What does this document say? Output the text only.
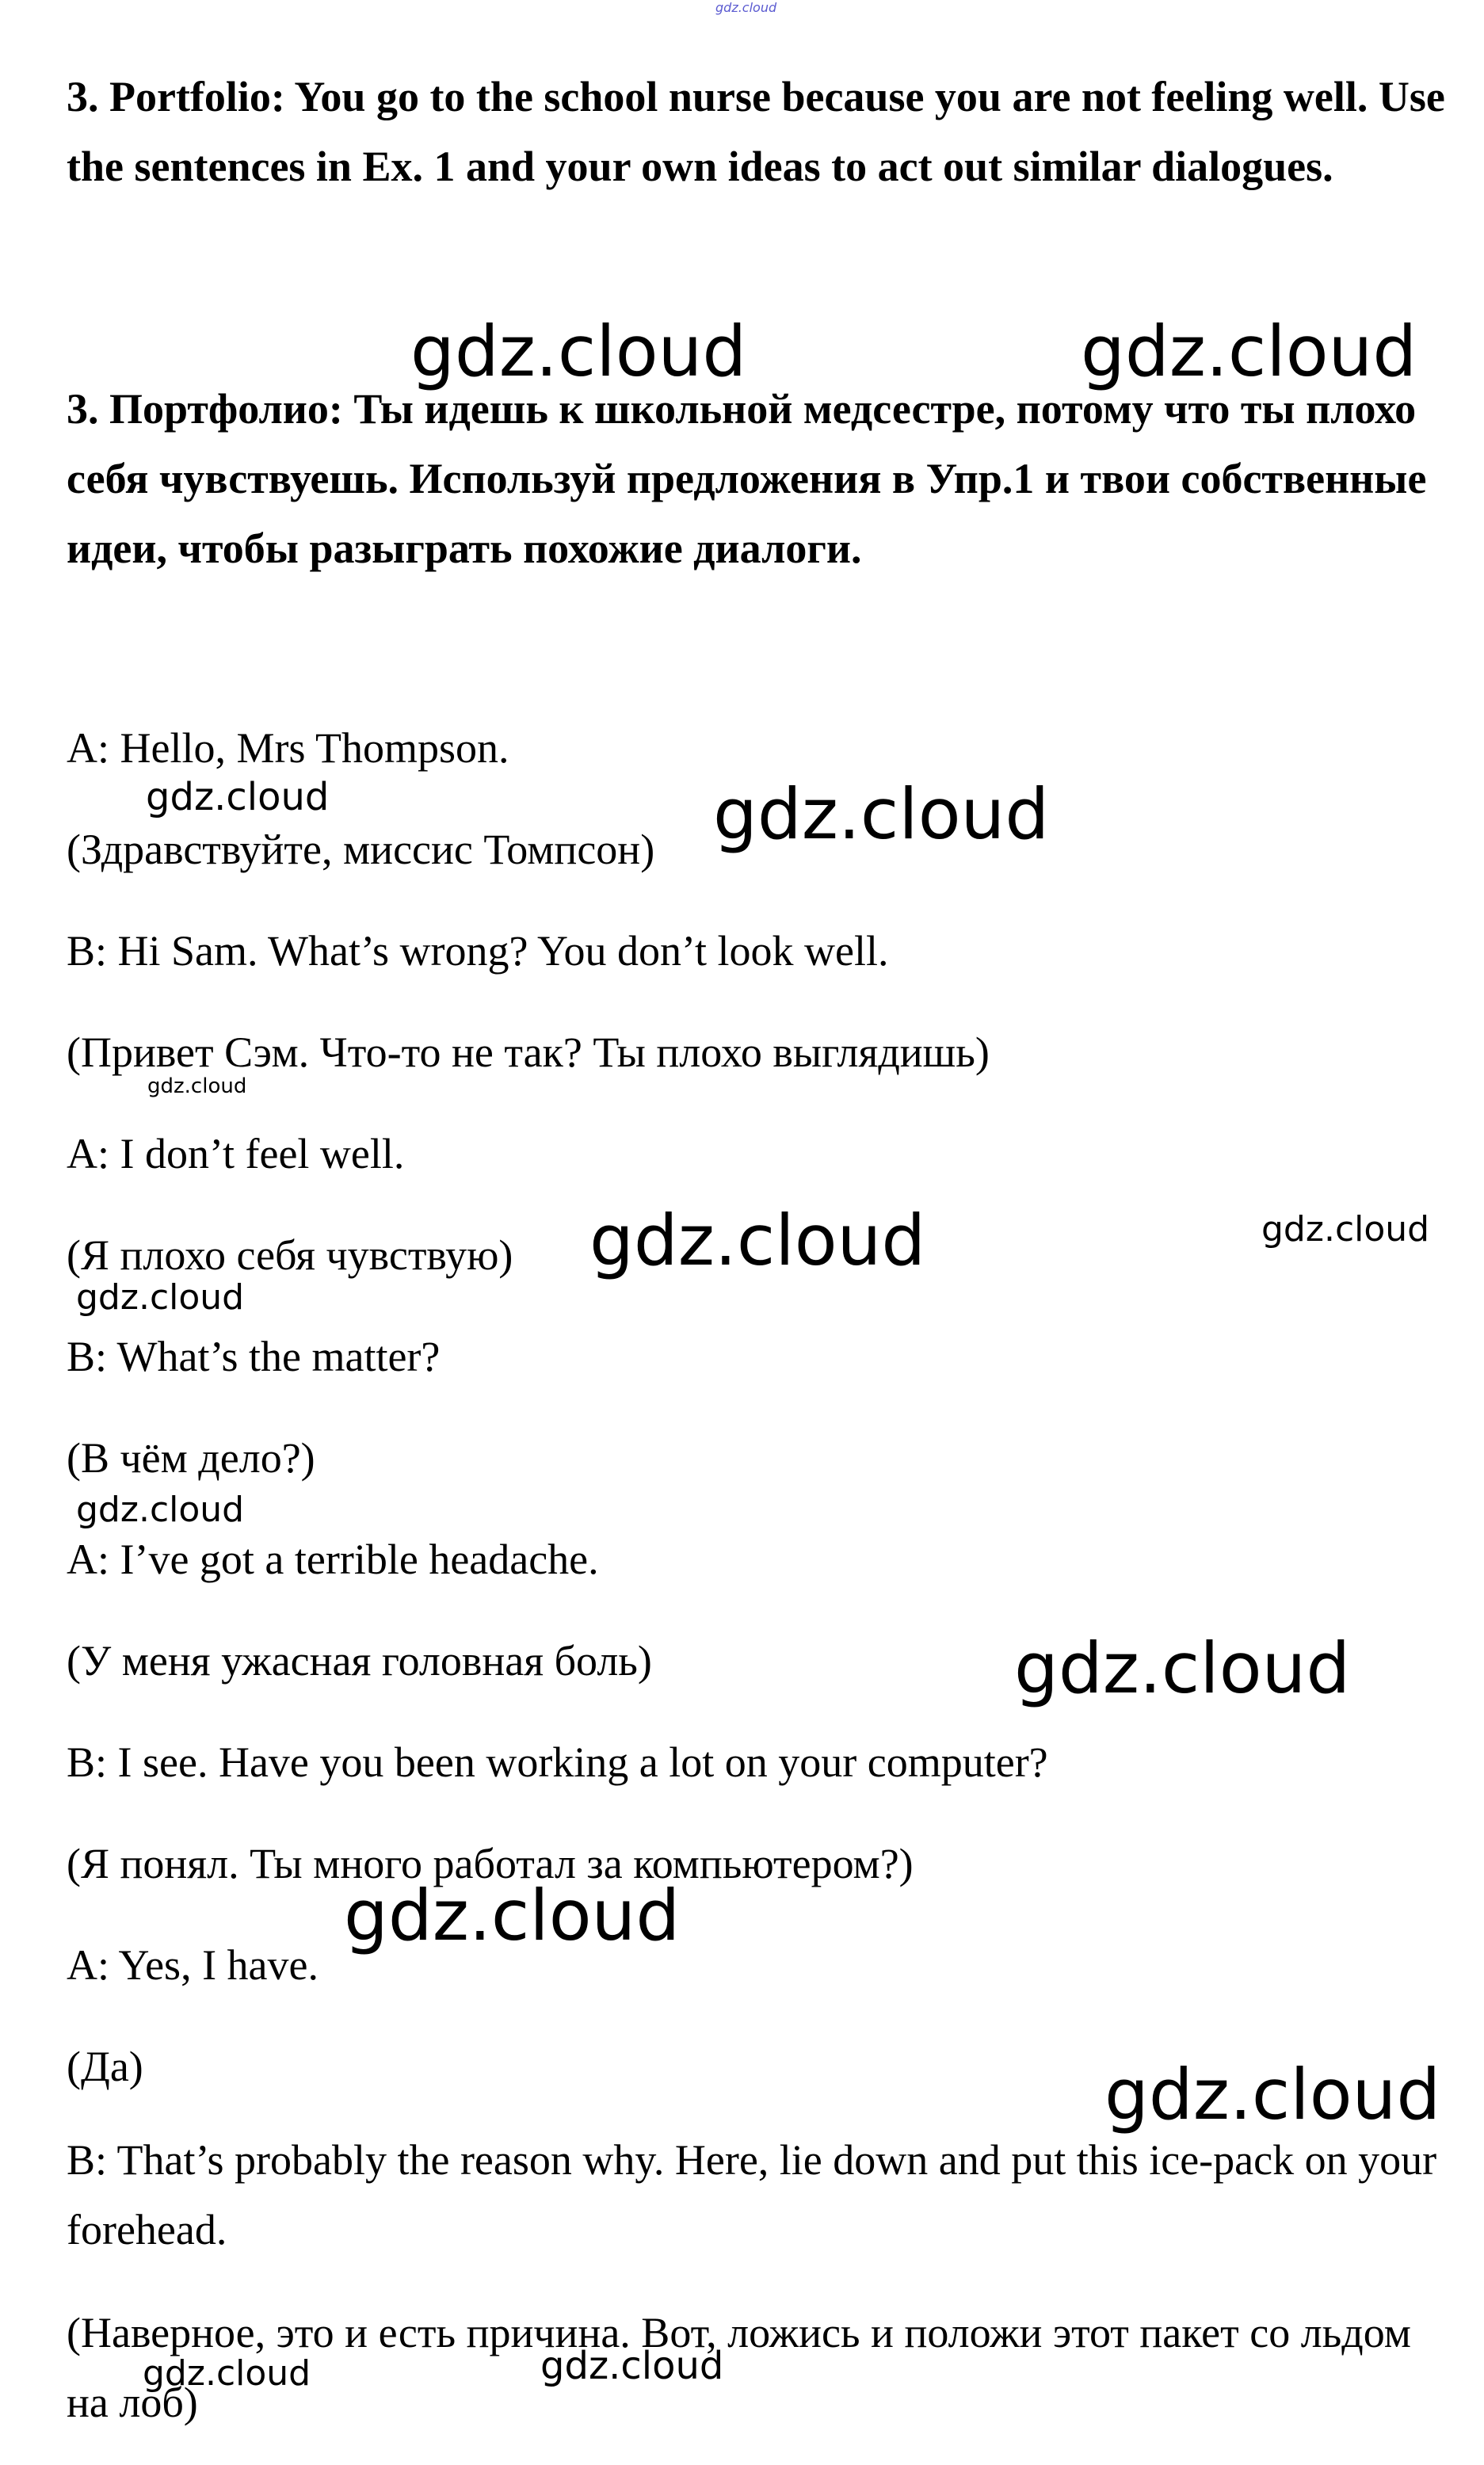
gdz.cloud

3. Portfolio: You go to the school nurse because you are not feeling well. Use the sentences in Ex. 1 and your own ideas to act out similar dialogues.

3. Портфолио: Ты идешь к школьной медсестре, потому что ты плохо себя чувствуешь. Используй предложения в Упр.1 и твои собственные идеи, чтобы разыграть похожие диалоги.

A: Hello, Mrs Thompson.

(Здравствуйте, миссис Томпсон)

B: Hi Sam. What’s wrong? You don’t look well.

(Привет Сэм. Что-то не так? Ты плохо выглядишь)

A: I don’t feel well.

(Я плохо себя чувствую)

B: What’s the matter?

(В чём дело?)

A: I’ve got a terrible headache.

(У меня ужасная головная боль)

B: I see. Have you been working a lot on your computer?

(Я понял. Ты много работал за компьютером?)

A: Yes, I have.

(Да)

B: That’s probably the reason why. Here, lie down and put this ice-pack on your forehead.

(Наверное, это и есть причина. Вот, ложись и положи этот пакет со льдом на лоб)

gdz.cloud	gdz.cloud
gdz.cloud	gdz.cloud
gdz.cloud
gdz.cloud	gdz.cloud
gdz.cloud
gdz.cloud
gdz.cloud
gdz.cloud
gdz.cloud
gdz.cloud	gdz.cloud
